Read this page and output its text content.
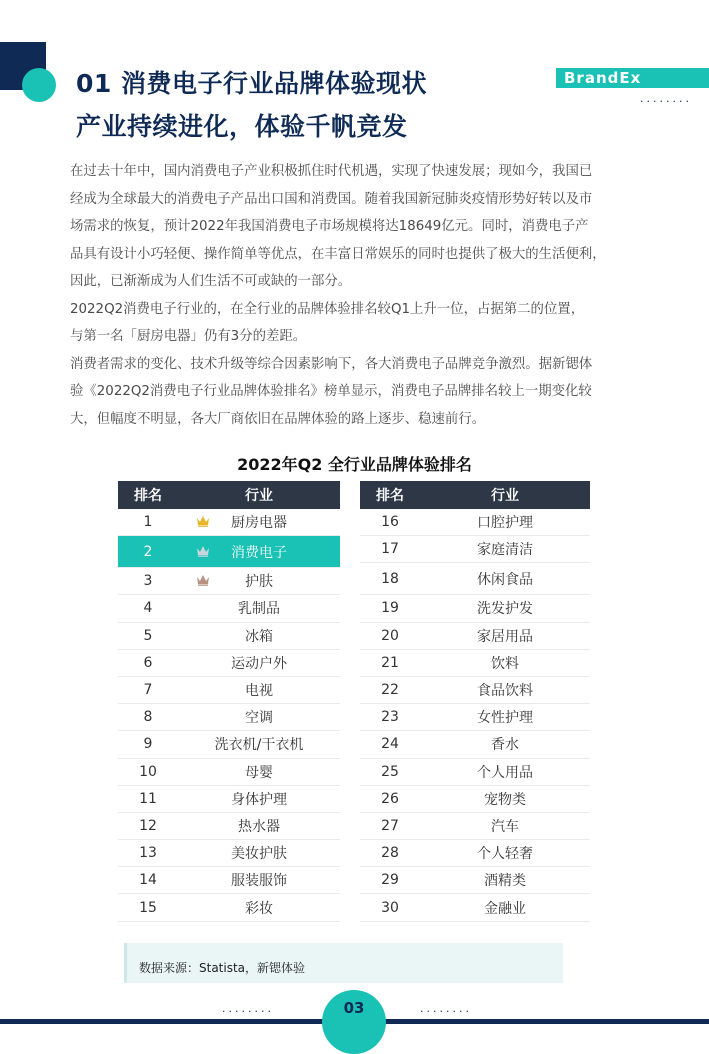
01 消费电子行业品牌体验现状
产业持续进化，体验千帆竞发
BrandEx
........

在过去十年中，国内消费电子产业积极抓住时代机遇，实现了快速发展；现如今，我国已
经成为全球最大的消费电子产品出口国和消费国。随着我国新冠肺炎疫情形势好转以及市
场需求的恢复，预计2022年我国消费电子市场规模将达18649亿元。同时，消费电子产
品具有设计小巧轻便、操作简单等优点，在丰富日常娱乐的同时也提供了极大的生活便利，
因此，已渐渐成为人们生活不可或缺的一部分。

2022Q2消费电子行业的，在全行业的品牌体验排名较Q1上升一位，占据第二的位置，
与第一名「厨房电器」仍有3分的差距。

消费者需求的变化、技术升级等综合因素影响下，各大消费电子品牌竞争激烈。据新锶体
验《2022Q2消费电子行业品牌体验排名》榜单显示，消费电子品牌排名较上一期变化较
大，但幅度不明显，各大厂商依旧在品牌体验的路上逐步、稳速前行。

2022年Q2 全行业品牌体验排名
排名	行业
1	厨房电器
2	消费电子
3	护肤
4	乳制品
5	冰箱
6	运动户外
7	电视
8	空调
9	洗衣机/干衣机
10	母婴
11	身体护理
12	热水器
13	美妆护肤
14	服装服饰
15	彩妆
排名	行业
16	口腔护理
17	家庭清洁
18	休闲食品
19	洗发护发
20	家居用品
21	饮料
22	食品饮料
23	女性护理
24	香水
25	个人用品
26	宠物类
27	汽车
28	个人轻奢
29	酒精类
30	金融业
数据来源：Statista，新锶体验
03
........	........
